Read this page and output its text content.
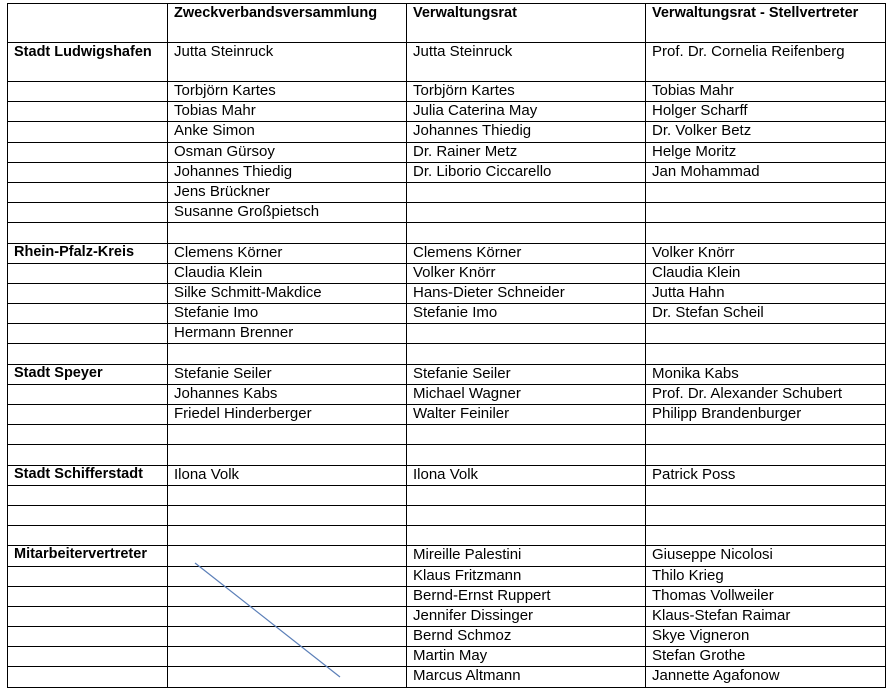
	Zweckverbandsversammlung	Verwaltungsrat	Verwaltungsrat - Stellvertreter
Stadt Ludwigshafen	Jutta Steinruck	Jutta Steinruck	Prof. Dr. Cornelia Reifenberg
	Torbjörn Kartes	Torbjörn Kartes	Tobias Mahr
	Tobias Mahr	Julia Caterina May	Holger Scharff
	Anke Simon	Johannes Thiedig	Dr. Volker Betz
	Osman Gürsoy	Dr. Rainer Metz	Helge Moritz
	Johannes Thiedig	Dr. Liborio Ciccarello	Jan Mohammad
	Jens Brückner		
	Susanne Großpietsch		

Rhein-Pfalz-Kreis	Clemens Körner	Clemens Körner	Volker Knörr
	Claudia Klein	Volker Knörr	Claudia Klein
	Silke Schmitt-Makdice	Hans-Dieter Schneider	Jutta Hahn
	Stefanie Imo	Stefanie Imo	Dr. Stefan Scheil
	Hermann Brenner		

Stadt Speyer	Stefanie Seiler	Stefanie Seiler	Monika Kabs
	Johannes Kabs	Michael Wagner	Prof. Dr. Alexander Schubert
	Friedel Hinderberger	Walter Feiniler	Philipp Brandenburger

Stadt Schifferstadt	Ilona Volk	Ilona Volk	Patrick Poss

Mitarbeitervertreter		Mireille Palestini	Giuseppe Nicolosi
		Klaus Fritzmann	Thilo Krieg
		Bernd-Ernst Ruppert	Thomas Vollweiler
		Jennifer Dissinger	Klaus-Stefan Raimar
		Bernd Schmoz	Skye Vigneron
		Martin May	Stefan Grothe
		Marcus Altmann	Jannette Agafonow
